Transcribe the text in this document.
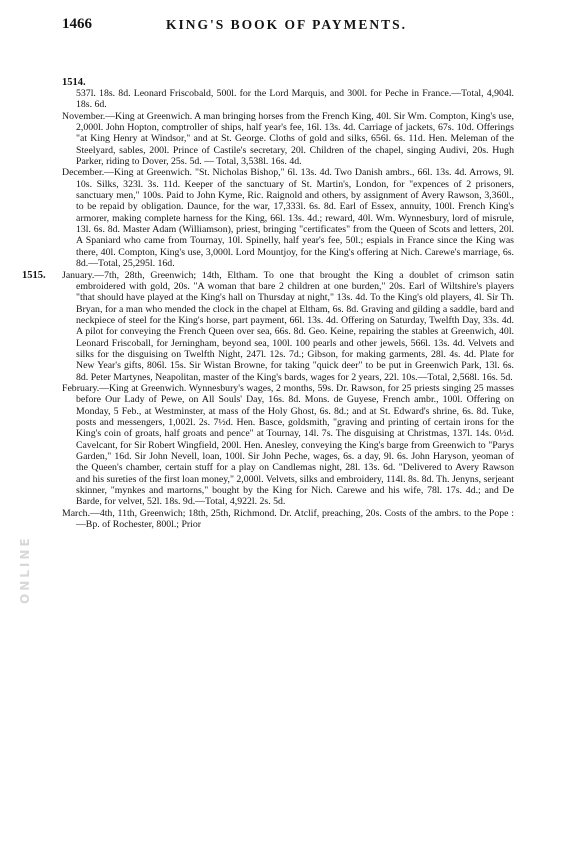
1466	KING'S BOOK OF PAYMENTS.
1514.
ONLINE

537l. 18s. 8d. Leonard Friscobald, 500l. for the Lord Marquis, and 300l. for Peche in France.—Total, 4,904l. 18s. 6d.

November.—King at Greenwich. A man bringing horses from the French King, 40l. Sir Wm. Compton, King's use, 2,000l. John Hopton, comptroller of ships, half year's fee, 16l. 13s. 4d. Carriage of jackets, 67s. 10d. Offerings "at King Henry at Windsor," and at St. George. Cloths of gold and silks, 656l. 6s. 11d. Hen. Meleman of the Steelyard, sables, 200l. Prince of Castile's secretary, 20l. Children of the chapel, singing Audivi, 20s. Hugh Parker, riding to Dover, 25s. 5d. — Total, 3,538l. 16s. 4d.

December.—King at Greenwich. "St. Nicholas Bishop," 6l. 13s. 4d. Two Danish ambrs., 66l. 13s. 4d. Arrows, 9l. 10s. Silks, 323l. 3s. 11d. Keeper of the sanctuary of St. Martin's, London, for "expences of 2 prisoners, sanctuary men," 100s. Paid to John Kyme, Ric. Raignold and others, by assignment of Avery Rawson, 3,360l., to be repaid by obligation. Daunce, for the war, 17,333l. 6s. 8d. Earl of Essex, annuity, 100l. French King's armorer, making complete harness for the King, 66l. 13s. 4d.; reward, 40l. Wm. Wynnesbury, lord of misrule, 13l. 6s. 8d. Master Adam (Williamson), priest, bringing "certificates" from the Queen of Scots and letters, 20l. A Spaniard who came from Tournay, 10l. Spinelly, half year's fee, 50l.; espials in France since the King was there, 40l. Compton, King's use, 3,000l. Lord Mountjoy, for the King's offering at Nich. Carewe's marriage, 6s. 8d.—Total, 25,295l. 16d.

January.—7th, 28th, Greenwich; 14th, Eltham. To one that brought the King a doublet of crimson satin embroidered with gold, 20s. "A woman that bare 2 children at one burden," 20s. Earl of Wiltshire's players "that should have played at the King's hall on Thursday at night," 13s. 4d. To the King's old players, 4l. Sir Th. Bryan, for a man who mended the clock in the chapel at Eltham, 6s. 8d. Graving and gilding a saddle, bard and neckpiece of steel for the King's horse, part payment, 66l. 13s. 4d. Offering on Saturday, Twelfth Day, 33s. 4d. A pilot for conveying the French Queen over sea, 66s. 8d. Geo. Keine, repairing the stables at Greenwich, 40l. Leonard Friscoball, for Jerningham, beyond sea, 100l. 100 pearls and other jewels, 566l. 13s. 4d. Velvets and silks for the disguising on Twelfth Night, 247l. 12s. 7d.; Gibson, for making garments, 28l. 4s. 4d. Plate for New Year's gifts, 806l. 15s. Sir Wistan Browne, for taking "quick deer" to be put in Greenwich Park, 13l. 6s. 8d. Peter Martynes, Neapolitan, master of the King's bards, wages for 2 years, 22l. 10s.—Total, 2,568l. 16s. 5d.

February.—King at Greenwich. Wynnesbury's wages, 2 months, 59s. Dr. Rawson, for 25 priests singing 25 masses before Our Lady of Pewe, on All Souls' Day, 16s. 8d. Mons. de Guyese, French ambr., 100l. Offering on Monday, 5 Feb., at Westminster, at mass of the Holy Ghost, 6s. 8d.; and at St. Edward's shrine, 6s. 8d. Tuke, posts and messengers, 1,002l. 2s. 7½d. Hen. Basce, goldsmith, "graving and printing of certain irons for the King's coin of groats, half groats and pence" at Tournay, 14l. 7s. The disguising at Christmas, 137l. 14s. 0½d. Cavelcant, for Sir Robert Wingfield, 200l. Hen. Anesley, conveying the King's barge from Greenwich to "Parys Garden," 16d. Sir John Nevell, loan, 100l. Sir John Peche, wages, 6s. a day, 9l. 6s. John Haryson, yeoman of the Queen's chamber, certain stuff for a play on Candlemas night, 28l. 13s. 6d. "Delivered to Avery Rawson and his sureties of the first loan money," 2,000l. Velvets, silks and embroidery, 114l. 8s. 8d. Th. Jenyns, serjeant skinner, "mynkes and martorns," bought by the King for Nich. Carewe and his wife, 78l. 17s. 4d.; and De Barde, for velvet, 52l. 18s. 9d.—Total, 4,922l. 2s. 5d.

March.—4th, 11th, Greenwich; 18th, 25th, Richmond. Dr. Atclif, preaching, 20s. Costs of the ambrs. to the Pope :—Bp. of Rochester, 800l.; Prior

1515.
